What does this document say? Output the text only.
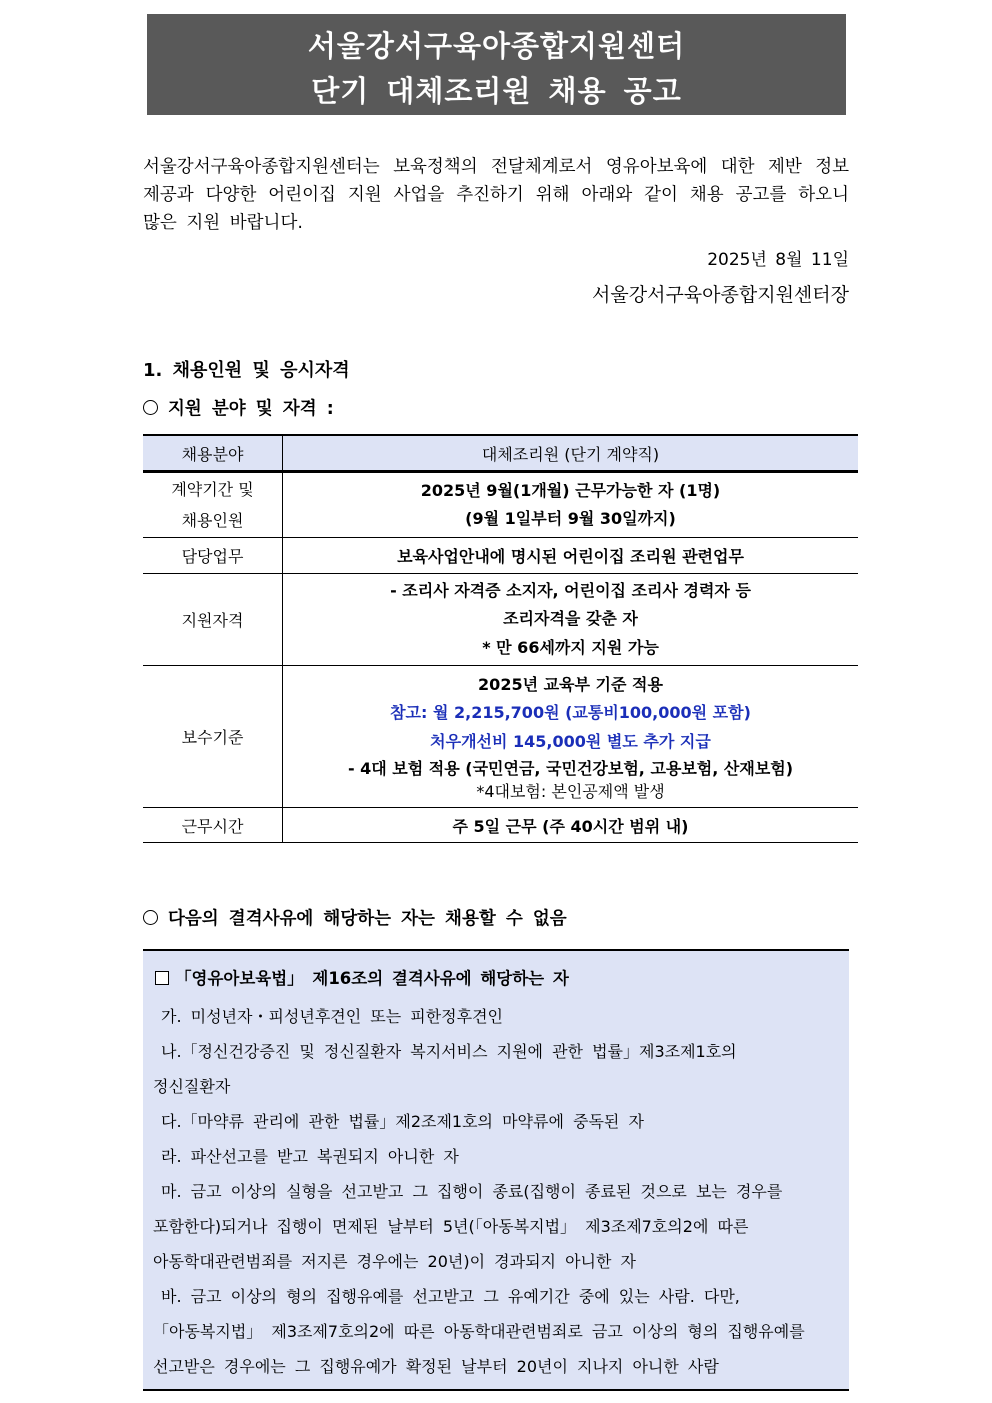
서울강서구육아종합지원센터
단기 대체조리원 채용 공고

서울강서구육아종합지원센터는 보육정책의 전달체계로서 영유아보육에 대한 제반 정보 제공과 다양한 어린이집 지원 사업을 추진하기 위해 아래와 같이 채용 공고를 하오니 많은 지원 바랍니다.

2025년 8월 11일
서울강서구육아종합지원센터장
1. 채용인원 및 응시자격
지원 분야 및 자격 :
채용분야	대체조리원 (단기 계약직)

계약기간 및
채용인원	2025년 9월(1개월) 근무가능한 자 (1명)
(9월 1일부터 9월 30일까지)

담당업무	보육사업안내에 명시된 어린이집 조리원 관련업무
지원자격	- 조리사 자격증 소지자, 어린이집 조리사 경력자 등
조리자격을 갖춘 자
* 만 66세까지 지원 가능

보수기준	2025년 교육부 기준 적용
참고: 월 2,215,700원 (교통비100,000원 포함)
처우개선비 145,000원 별도 추가 지급
- 4대 보험 적용 (국민연금, 국민건강보험, 고용보험, 산재보험)
*4대보험: 본인공제액 발생

근무시간	주 5일 근무 (주 40시간 범위 내)
다음의 결격사유에 해당하는 자는 채용할 수 없음
「영유아보육법」 제16조의 결격사유에 해당하는 자
가. 미성년자・피성년후견인 또는 피한정후견인
나.「정신건강증진 및 정신질환자 복지서비스 지원에 관한 법률」제3조제1호의
정신질환자
다.「마약류 관리에 관한 법률」제2조제1호의 마약류에 중독된 자
라. 파산선고를 받고 복권되지 아니한 자
마. 금고 이상의 실형을 선고받고 그 집행이 종료(집행이 종료된 것으로 보는 경우를
포함한다)되거나 집행이 면제된 날부터 5년(「아동복지법」 제3조제7호의2에 따른
아동학대관련범죄를 저지른 경우에는 20년)이 경과되지 아니한 자
바. 금고 이상의 형의 집행유예를 선고받고 그 유예기간 중에 있는 사람. 다만,
「아동복지법」 제3조제7호의2에 따른 아동학대관련범죄로 금고 이상의 형의 집행유예를
선고받은 경우에는 그 집행유예가 확정된 날부터 20년이 지나지 아니한 사람
